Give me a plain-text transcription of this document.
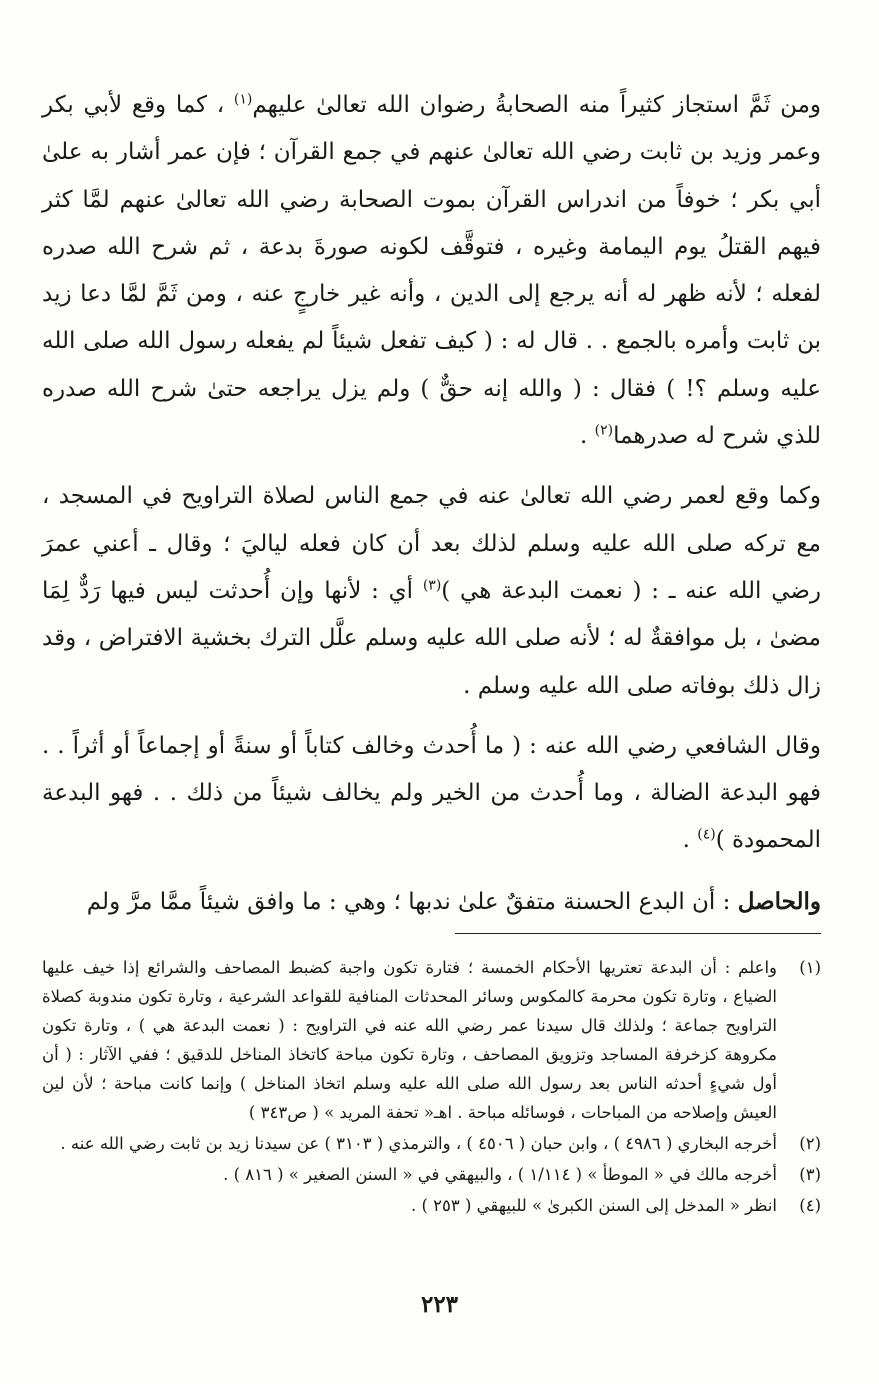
ومن ثَمَّ استجاز كثيراً منه الصحابةُ رضوان الله تعالىٰ عليهم$^{(١)}$ ، كما وقع لأبي بكر وعمر وزيد بن ثابت رضي الله تعالىٰ عنهم في جمع القرآن ؛ فإن عمر أشار به علىٰ أبي بكر ؛ خوفاً من اندراس القرآن بموت الصحابة رضي الله تعالىٰ عنهم لمَّا كثر فيهم القتلُ يوم اليمامة وغيره ، فتوقَّف لكونه صورةَ بدعة ، ثم شرح الله صدره لفعله ؛ لأنه ظهر له أنه يرجع إلى الدين ، وأنه غير خارجٍ عنه ، ومن ثَمَّ لمَّا دعا زيد بن ثابت وأمره بالجمع . . قال له : ( كيف تفعل شيئاً لم يفعله رسول الله صلى الله عليه وسلم ؟! ) فقال : ( والله إنه حقٌّ ) ولم يزل يراجعه حتىٰ شرح الله صدره للذي شرح له صدرهما$^{(٢)}$ .

وكما وقع لعمر رضي الله تعالىٰ عنه في جمع الناس لصلاة التراويح في المسجد ، مع تركه صلى الله عليه وسلم لذلك بعد أن كان فعله لياليَ ؛ وقال ـ أعني عمرَ رضي الله عنه ـ : ( نعمت البدعة هي )$^{(٣)}$ أي : لأنها وإن أُحدثت ليس فيها رَدٌّ لِمَا مضىٰ ، بل موافقةٌ له ؛ لأنه صلى الله عليه وسلم علَّل الترك بخشية الافتراض ، وقد زال ذلك بوفاته صلى الله عليه وسلم .

وقال الشافعي رضي الله عنه : ( ما أُحدث وخالف كتاباً أو سنةً أو إجماعاً أو أثراً . . فهو البدعة الضالة ، وما أُحدث من الخير ولم يخالف شيئاً من ذلك . . فهو البدعة المحمودة )$^{(٤)}$ .

والحاصل : أن البدع الحسنة متفقٌ علىٰ ندبها ؛ وهي : ما وافق شيئاً ممَّا مرَّ ولم

(١)
واعلم : أن البدعة تعتريها الأحكام الخمسة ؛ فتارة تكون واجبة كضبط المصاحف والشرائع إذا خيف عليها الضياع ، وتارة تكون محرمة كالمكوس وسائر المحدثات المنافية للقواعد الشرعية ، وتارة تكون مندوبة كصلاة التراويح جماعة ؛ ولذلك قال سيدنا عمر رضي الله عنه في التراويح : ( نعمت البدعة هي ) ، وتارة تكون مكروهة كزخرفة المساجد وتزويق المصاحف ، وتارة تكون مباحة كاتخاذ المناخل للدقيق ؛ ففي الآثار : ( أن أول شيءٍ أحدثه الناس بعد رسول الله صلى الله عليه وسلم اتخاذ المناخل ) وإنما كانت مباحة ؛ لأن لين العيش وإصلاحه من المباحات ، فوسائله مباحة . اهـ« تحفة المريد » ( ص٣٤٣ )
(٢)
أخرجه البخاري ( ٤٩٨٦ ) ، وابن حبان ( ٤٥٠٦ ) ، والترمذي ( ٣١٠٣ ) عن سيدنا زيد بن ثابت رضي الله عنه .
(٣)
أخرجه مالك في « الموطأ » ( ١/١١٤ ) ، والبيهقي في « السنن الصغير » ( ٨١٦ ) .
(٤)
انظر « المدخل إلى السنن الكبرىٰ » للبيهقي ( ٢٥٣ ) .
٢٢٣
